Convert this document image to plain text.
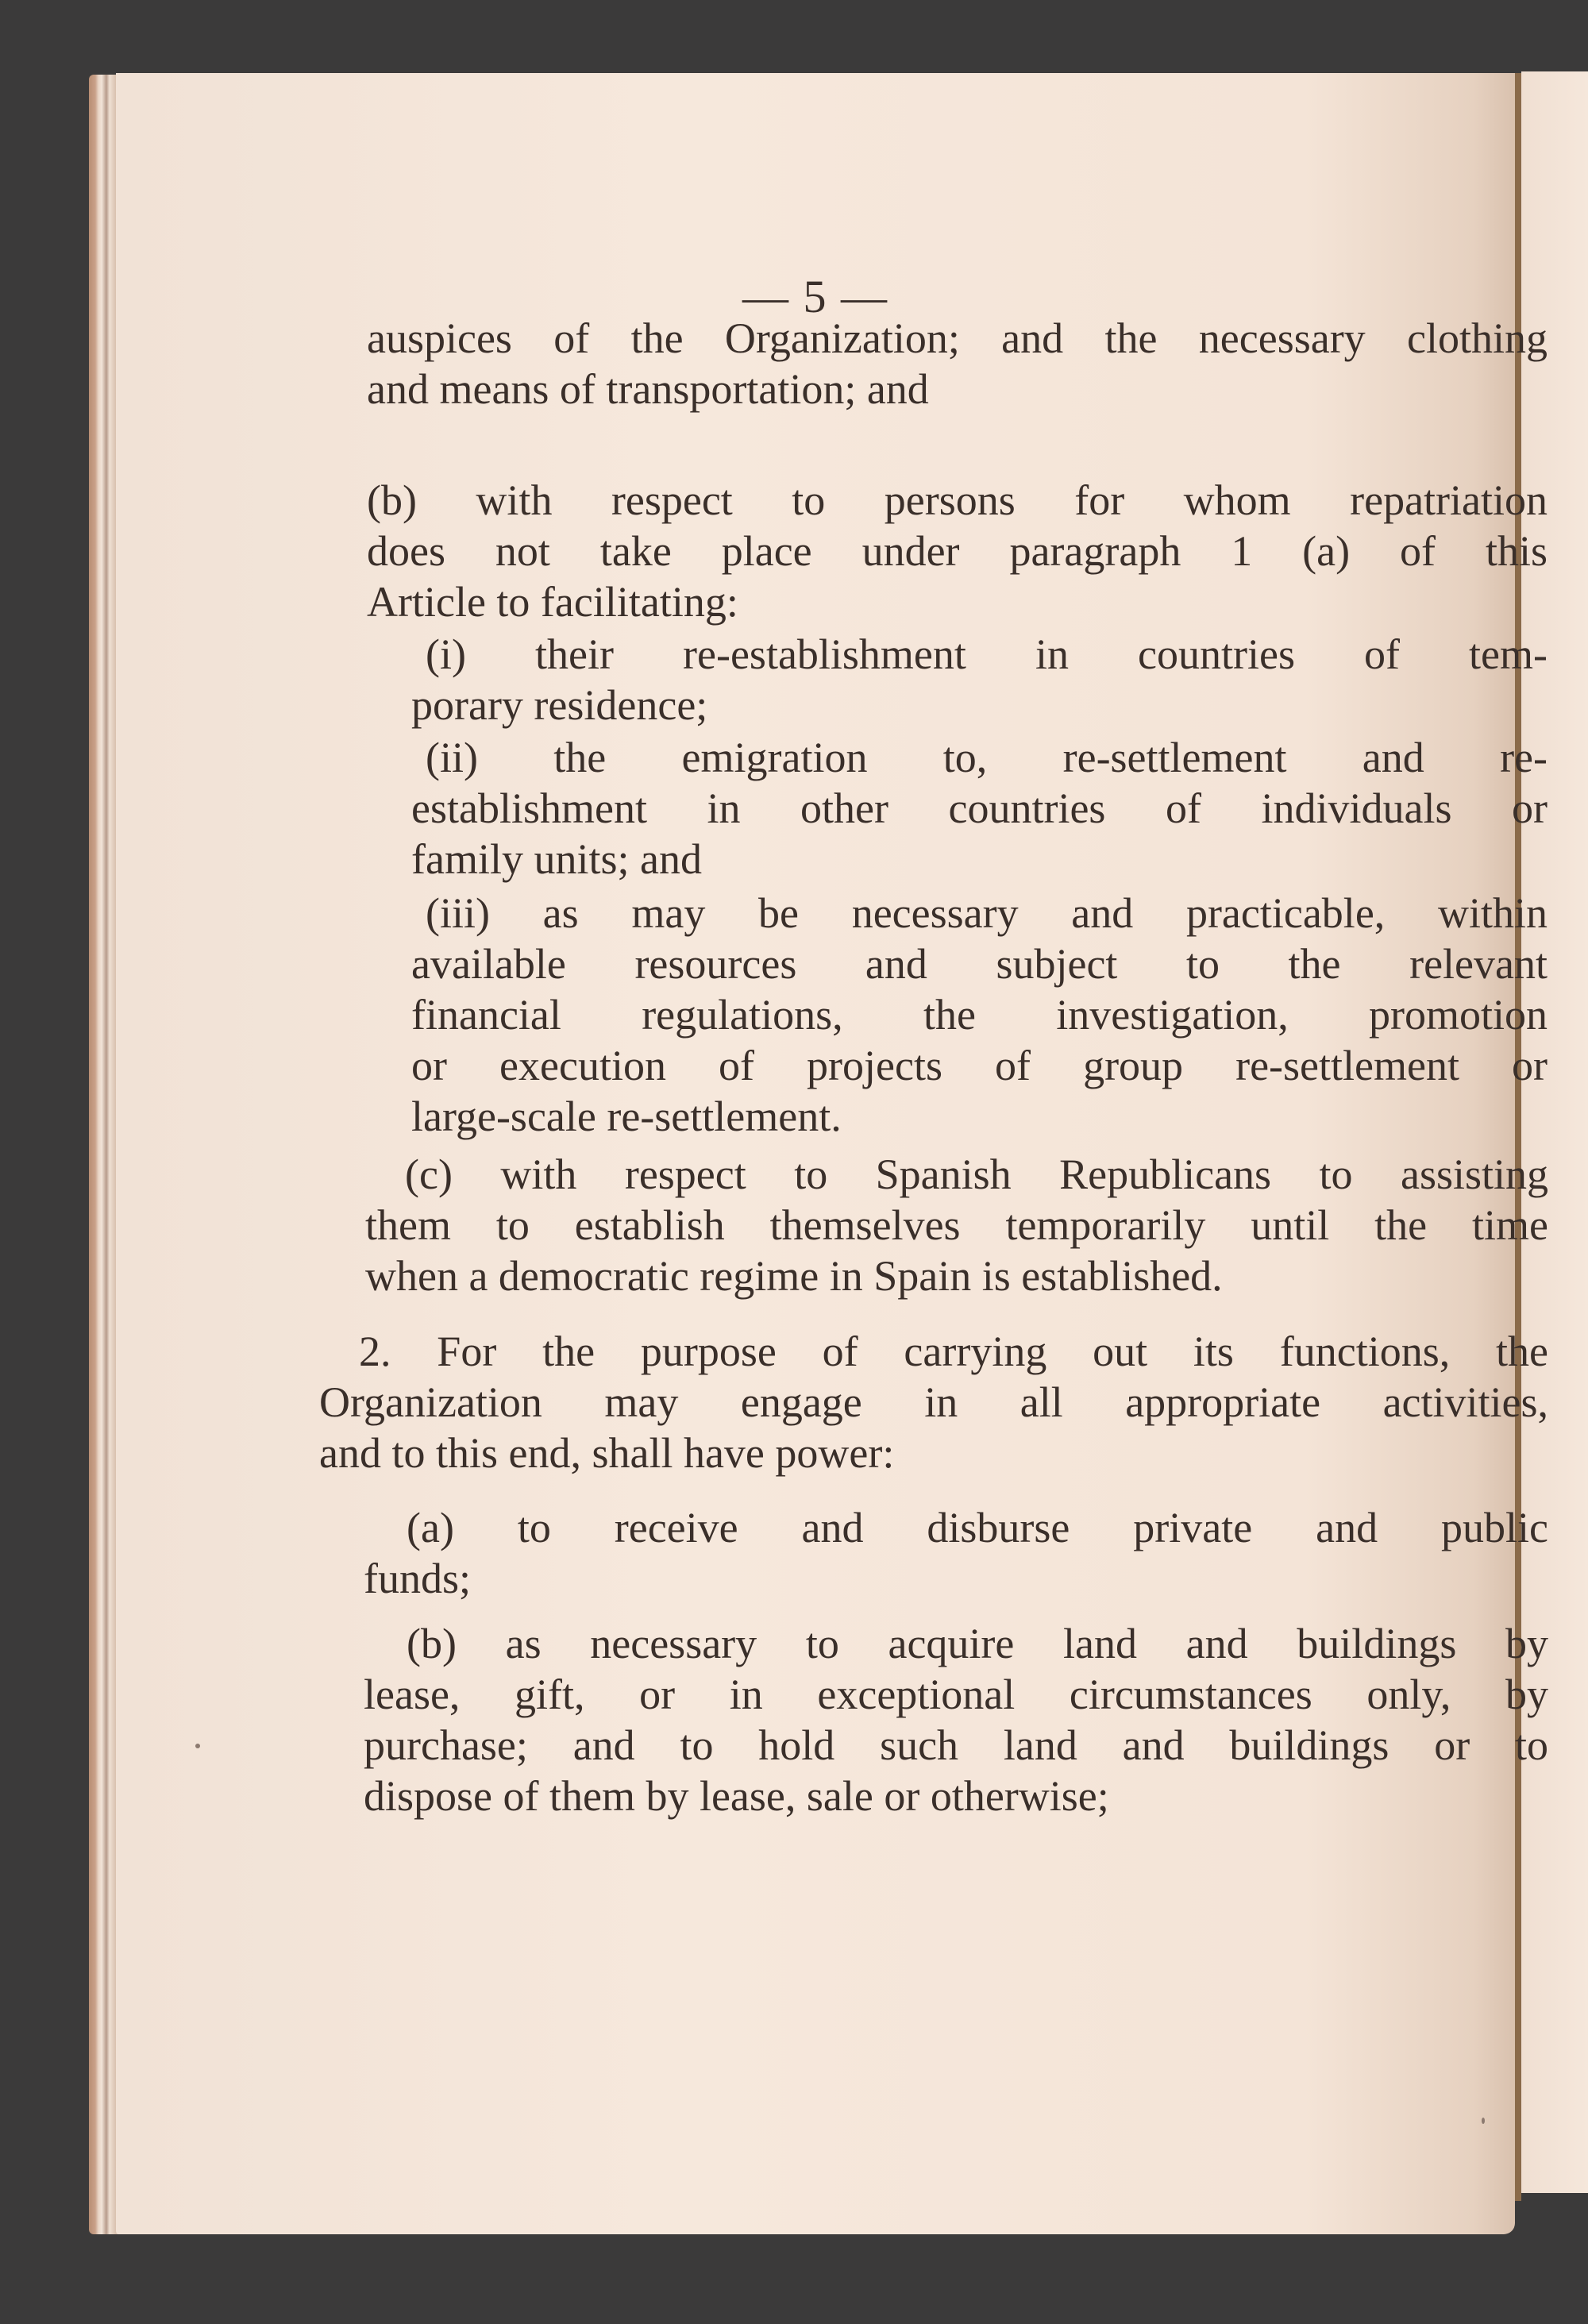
— 5 —
auspices of the Organization; and the necessary clothing
and means of transportation; and
(b) with respect to persons for whom repatriation
does not take place under paragraph 1 (a) of this
Article to facilitating:
(i) their re-establishment in countries of tem-
porary residence;
(ii) the emigration to, re-settlement and re-
establishment in other countries of individuals or
family units; and
(iii) as may be necessary and practicable, within
available resources and subject to the relevant
financial regulations, the investigation, promotion
or execution of projects of group re-settlement or
large-scale re-settlement.
(c) with respect to Spanish Republicans to assisting
them to establish themselves temporarily until the time
when a democratic regime in Spain is established.
2. For the purpose of carrying out its functions, the
Organization may engage in all appropriate activities,
and to this end, shall have power:
(a) to receive and disburse private and public
funds;
(b) as necessary to acquire land and buildings by
lease, gift, or in exceptional circumstances only, by
purchase; and to hold such land and buildings or to
dispose of them by lease, sale or otherwise;
